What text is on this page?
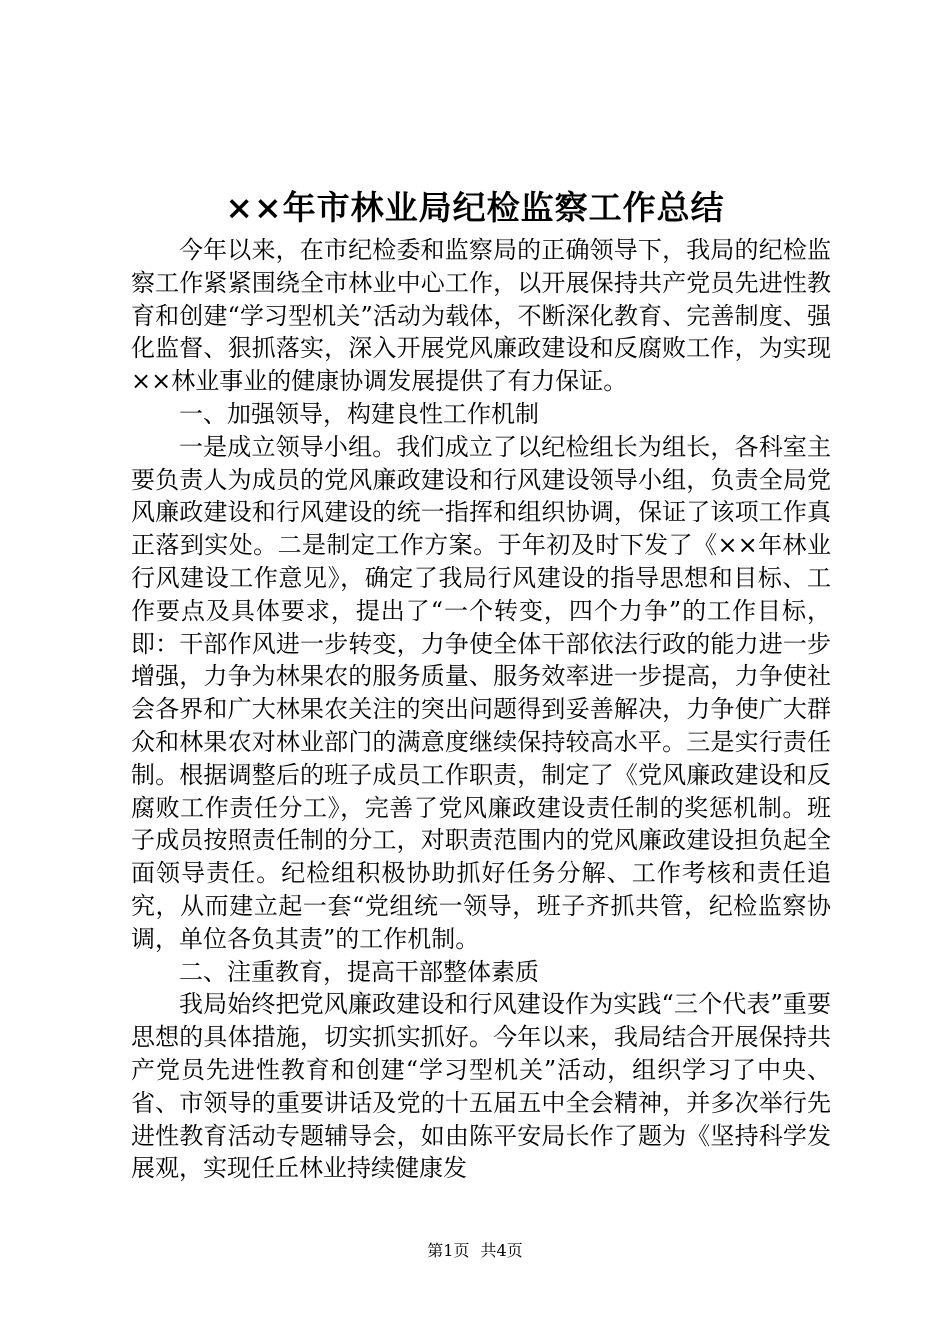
××年市林业局纪检监察工作总结

今年以来，在市纪检委和监察局的正确领导下，我局的纪检监察工作紧紧围绕全市林业中心工作，以开展保持共产党员先进性教育和创建“学习型机关”活动为载体，不断深化教育、完善制度、强化监督、狠抓落实，深入开展党风廉政建设和反腐败工作，为实现××林业事业的健康协调发展提供了有力保证。

一、加强领导，构建良性工作机制

一是成立领导小组。我们成立了以纪检组长为组长，各科室主要负责人为成员的党风廉政建设和行风建设领导小组，负责全局党风廉政建设和行风建设的统一指挥和组织协调，保证了该项工作真正落到实处。二是制定工作方案。于年初及时下发了《××年林业行风建设工作意见》，确定了我局行风建设的指导思想和目标、工作要点及具体要求，提出了“一个转变，四个力争”的工作目标，即：干部作风进一步转变，力争使全体干部依法行政的能力进一步增强，力争为林果农的服务质量、服务效率进一步提高，力争使社会各界和广大林果农关注的突出问题得到妥善解决，力争使广大群众和林果农对林业部门的满意度继续保持较高水平。三是实行责任制。根据调整后的班子成员工作职责，制定了《党风廉政建设和反腐败工作责任分工》，完善了党风廉政建设责任制的奖惩机制。班子成员按照责任制的分工，对职责范围内的党风廉政建设担负起全面领导责任。纪检组积极协助抓好任务分解、工作考核和责任追究，从而建立起一套“党组统一领导，班子齐抓共管，纪检监察协调，单位各负其责”的工作机制。

二、注重教育，提高干部整体素质

我局始终把党风廉政建设和行风建设作为实践“三个代表”重要思想的具体措施，切实抓实抓好。今年以来，我局结合开展保持共产党员先进性教育和创建“学习型机关”活动，组织学习了中央、省、市领导的重要讲话及党的十五届五中全会精神，并多次举行先进性教育活动专题辅导会，如由陈平安局长作了题为《坚持科学发展观，实现任丘林业持续健康发

第1页 共4页
